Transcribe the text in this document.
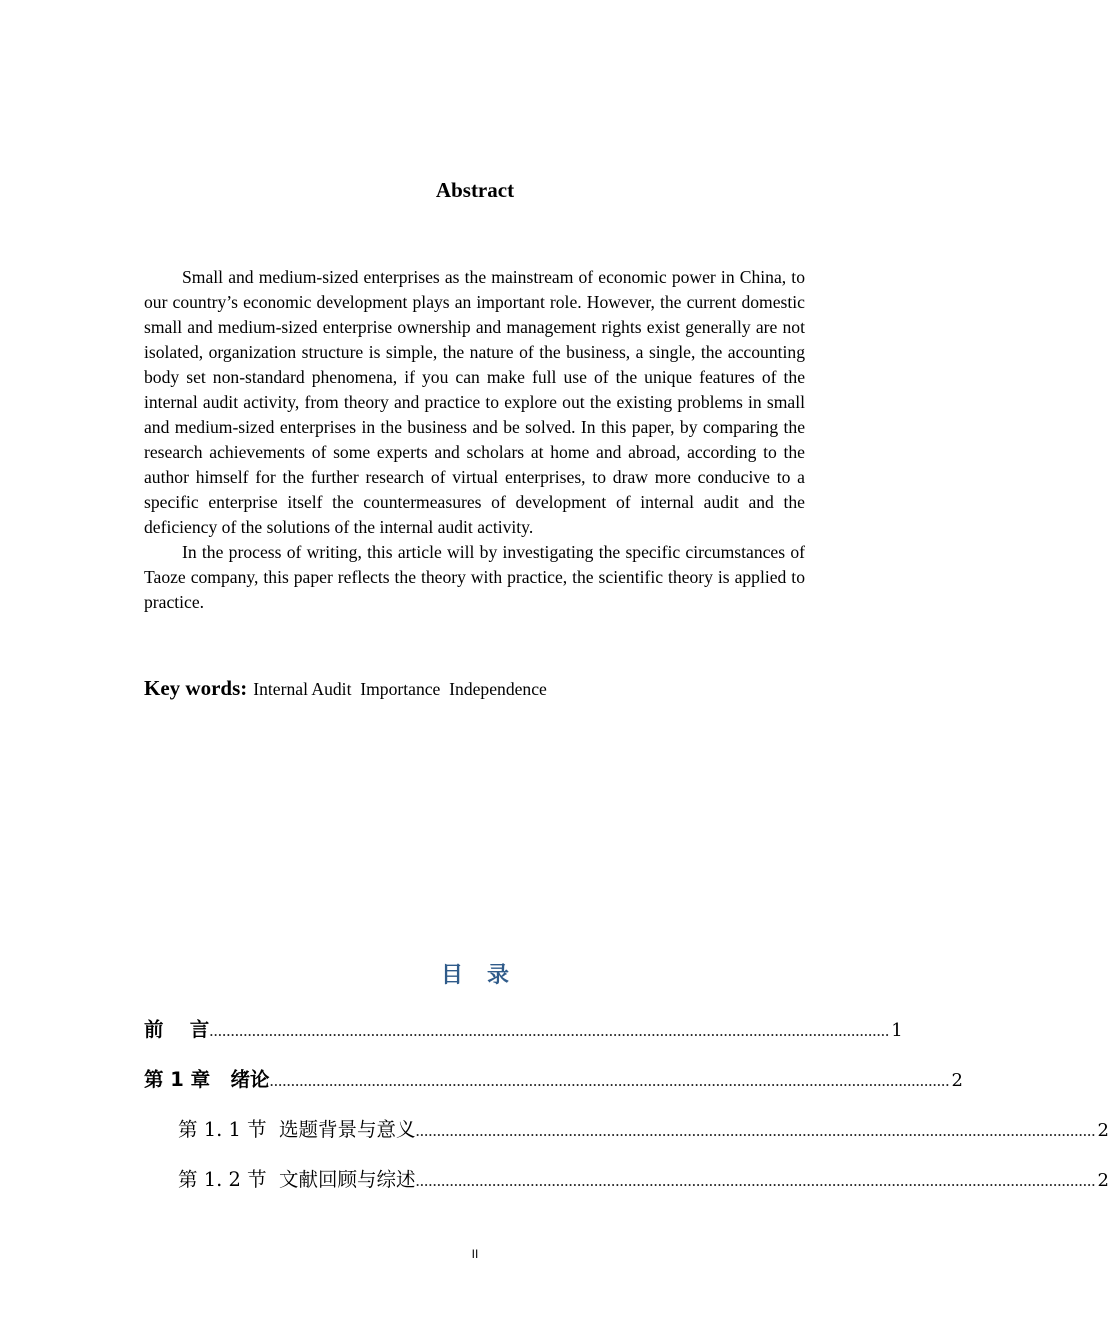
Abstract

Small and medium-sized enterprises as the mainstream of economic power in China, to our country’s economic development plays an important role. However, the current domestic small and medium-sized enterprise ownership and management rights exist generally are not isolated, organization structure is simple, the nature of the business, a single, the accounting body set non-standard phenomena, if you can make full use of the unique features of the internal audit activity, from theory and practice to explore out the existing problems in small and medium-sized enterprises in the business and be solved. In this paper, by comparing the research achievements of some experts and scholars at home and abroad, according to the author himself for the further research of virtual enterprises, to draw more conducive to a specific enterprise itself the countermeasures of development of internal audit and the deficiency of the solutions of the internal audit activity.

In the process of writing, this article will by investigating the specific circumstances of Taoze company, this paper reflects the theory with practice, the scientific theory is applied to practice.

Key words: Internal Audit  Importance  Independence
目录
前　 言 ................................................................................................................................................................ 1
第 1 章   绪论 ................................................................................................................................................................ 2
第 1. 1 节  选题背景与意义 ................................................................................................................................................................ 2
第 1. 2 节  文献回顾与综述 ................................................................................................................................................................ 2
II
